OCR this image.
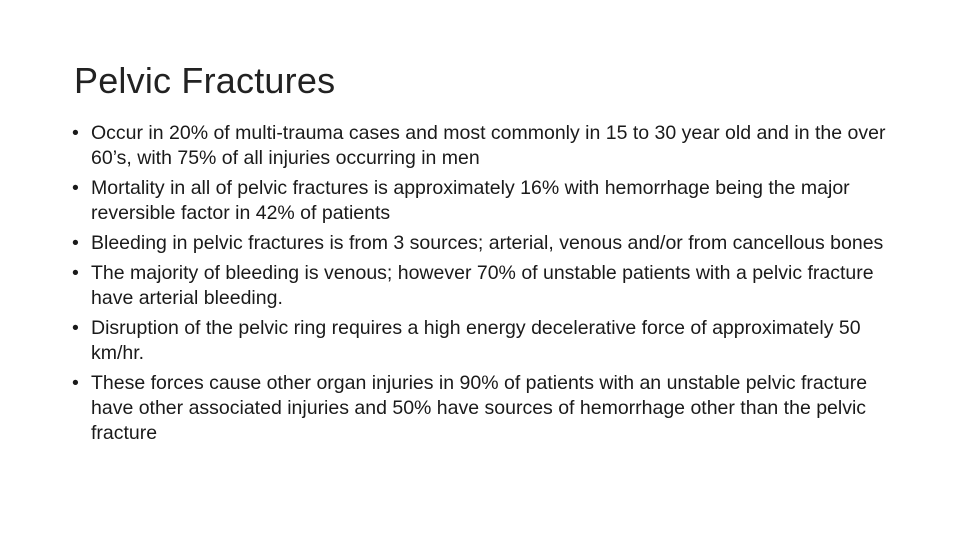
Pelvic Fractures
• Occur in 20% of multi-trauma cases and most commonly in 15 to 30 year old and in the over 60’s, with 75% of all injuries occurring in men
• Mortality in all of pelvic fractures is approximately 16% with hemorrhage being the major reversible factor in 42% of patients
• Bleeding in pelvic fractures is from 3 sources; arterial, venous and/or from cancellous bones
• The majority of bleeding is venous; however 70% of unstable patients with a pelvic fracture have arterial bleeding.
• Disruption of the pelvic ring requires a high energy decelerative force of approximately 50 km/hr.
• These forces cause other organ injuries in 90% of patients with an unstable pelvic fracture have other associated injuries and 50% have sources of hemorrhage other than the pelvic fracture
